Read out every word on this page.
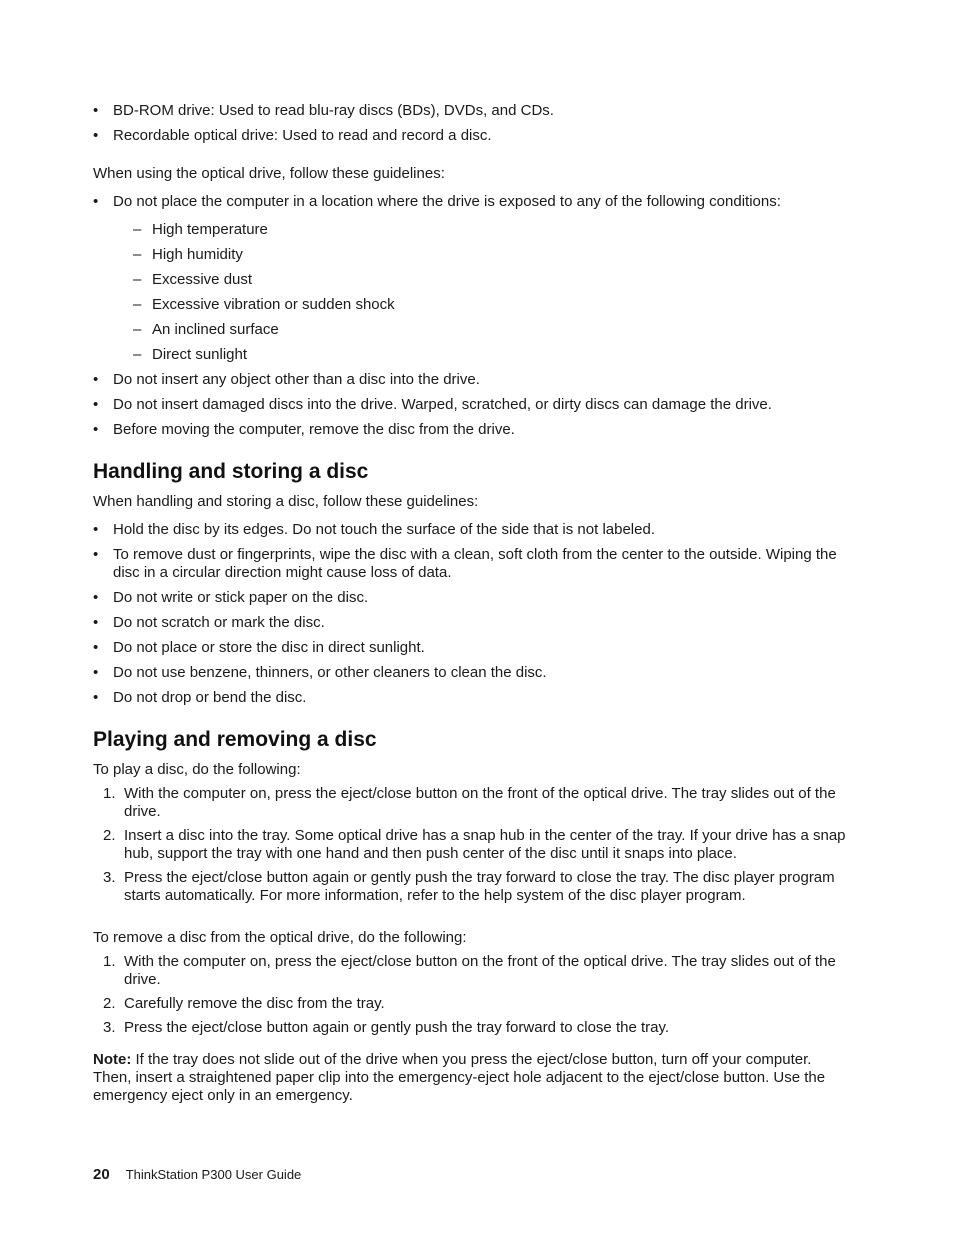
• BD-ROM drive: Used to read blu-ray discs (BDs), DVDs, and CDs.
• Recordable optical drive: Used to read and record a disc.

When using the optical drive, follow these guidelines:

• Do not place the computer in a location where the drive is exposed to any of the following conditions:
– High temperature
– High humidity
– Excessive dust
– Excessive vibration or sudden shock
– An inclined surface
– Direct sunlight
• Do not insert any object other than a disc into the drive.
• Do not insert damaged discs into the drive. Warped, scratched, or dirty discs can damage the drive.
• Before moving the computer, remove the disc from the drive.
Handling and storing a disc

When handling and storing a disc, follow these guidelines:

• Hold the disc by its edges. Do not touch the surface of the side that is not labeled.
• To remove dust or fingerprints, wipe the disc with a clean, soft cloth from the center to the outside. Wiping the disc in a circular direction might cause loss of data.
• Do not write or stick paper on the disc.
• Do not scratch or mark the disc.
• Do not place or store the disc in direct sunlight.
• Do not use benzene, thinners, or other cleaners to clean the disc.
• Do not drop or bend the disc.
Playing and removing a disc

To play a disc, do the following:

1. With the computer on, press the eject/close button on the front of the optical drive. The tray slides out of the drive.
2. Insert a disc into the tray. Some optical drive has a snap hub in the center of the tray. If your drive has a snap hub, support the tray with one hand and then push center of the disc until it snaps into place.
3. Press the eject/close button again or gently push the tray forward to close the tray. The disc player program starts automatically. For more information, refer to the help system of the disc player program.

To remove a disc from the optical drive, do the following:

1. With the computer on, press the eject/close button on the front of the optical drive. The tray slides out of the drive.
2. Carefully remove the disc from the tray.
3. Press the eject/close button again or gently push the tray forward to close the tray.

Note: If the tray does not slide out of the drive when you press the eject/close button, turn off your computer. Then, insert a straightened paper clip into the emergency-eject hole adjacent to the eject/close button. Use the emergency eject only in an emergency.

20 ThinkStation P300 User Guide
